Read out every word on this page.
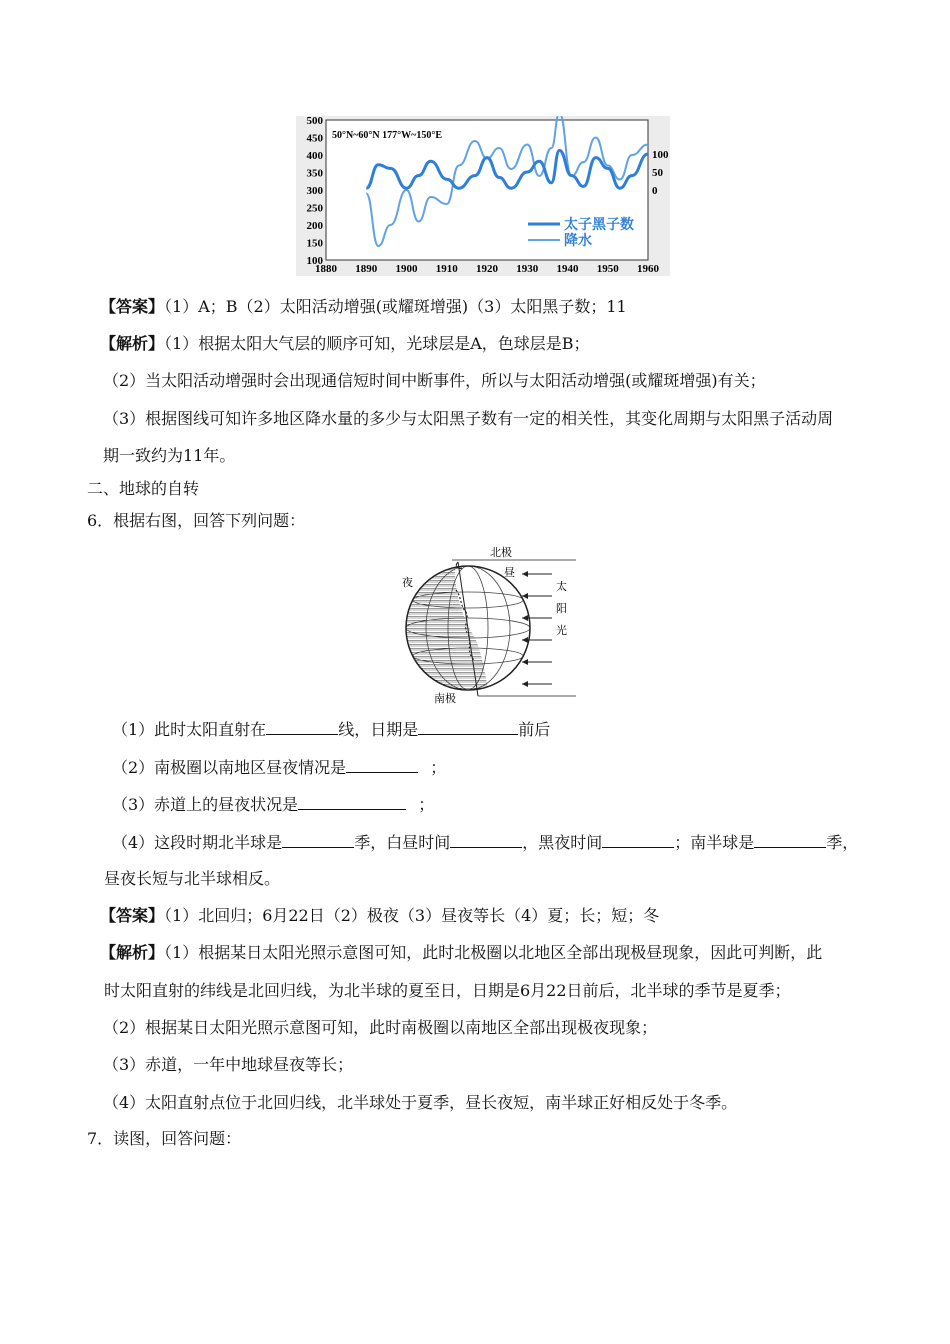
50°N~60°N 177°W~150°E
500
450
400
350
300
250
200
150
100
100
50
0
1880 1890 1900 1910 1920 1930 1940 1950 1960
太子黑子数
降水
【答案】（1）A；B（2）太阳活动增强(或耀斑增强)（3）太阳黑子数；11
【解析】（1）根据太阳大气层的顺序可知，光球层是A，色球层是B；
（2）当太阳活动增强时会出现通信短时间中断事件，所以与太阳活动增强(或耀斑增强)有关；
（3）根据图线可知许多地区降水量的多少与太阳黑子数有一定的相关性，其变化周期与太阳黑子活动周
期一致约为11年。
二、地球的自转
6．根据右图，回答下列问题：
北极
南极
夜
昼
太
阳
光
（1）此时太阳直射在	线，日期是	前后
（2）南极圈以南地区昼夜情况是	；
（3）赤道上的昼夜状况是	；
（4）这段时期北半球是	季，白昼时间	，黑夜时间	；南半球是	季，
昼夜长短与北半球相反。
【答案】（1）北回归；6月22日（2）极夜（3）昼夜等长（4）夏；长；短；冬
【解析】（1）根据某日太阳光照示意图可知，此时北极圈以北地区全部出现极昼现象，因此可判断，此
时太阳直射的纬线是北回归线，为北半球的夏至日，日期是6月22日前后，北半球的季节是夏季；
（2）根据某日太阳光照示意图可知，此时南极圈以南地区全部出现极夜现象；
（3）赤道，一年中地球昼夜等长；
（4）太阳直射点位于北回归线，北半球处于夏季，昼长夜短，南半球正好相反处于冬季。
7．读图，回答问题：
